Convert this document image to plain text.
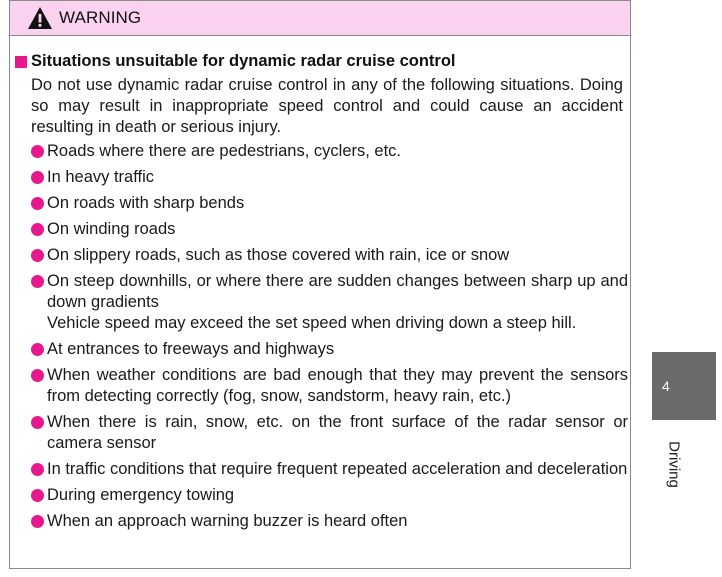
WARNING
Situations unsuitable for dynamic radar cruise control
Do not use dynamic radar cruise control in any of the following situations. Doing so may result in inappropriate speed control and could cause an accident resulting in death or serious injury.
Roads where there are pedestrians, cyclers, etc.
In heavy traffic
On roads with sharp bends
On winding roads
On slippery roads, such as those covered with rain, ice or snow
On steep downhills, or where there are sudden changes between sharp up and down gradients
Vehicle speed may exceed the set speed when driving down a steep hill.
At entrances to freeways and highways
When weather conditions are bad enough that they may prevent the sensors from detecting correctly (fog, snow, sandstorm, heavy rain, etc.)
When there is rain, snow, etc. on the front surface of the radar sensor or camera sensor
In traffic conditions that require frequent repeated acceleration and deceleration
During emergency towing
When an approach warning buzzer is heard often
4
Driving
